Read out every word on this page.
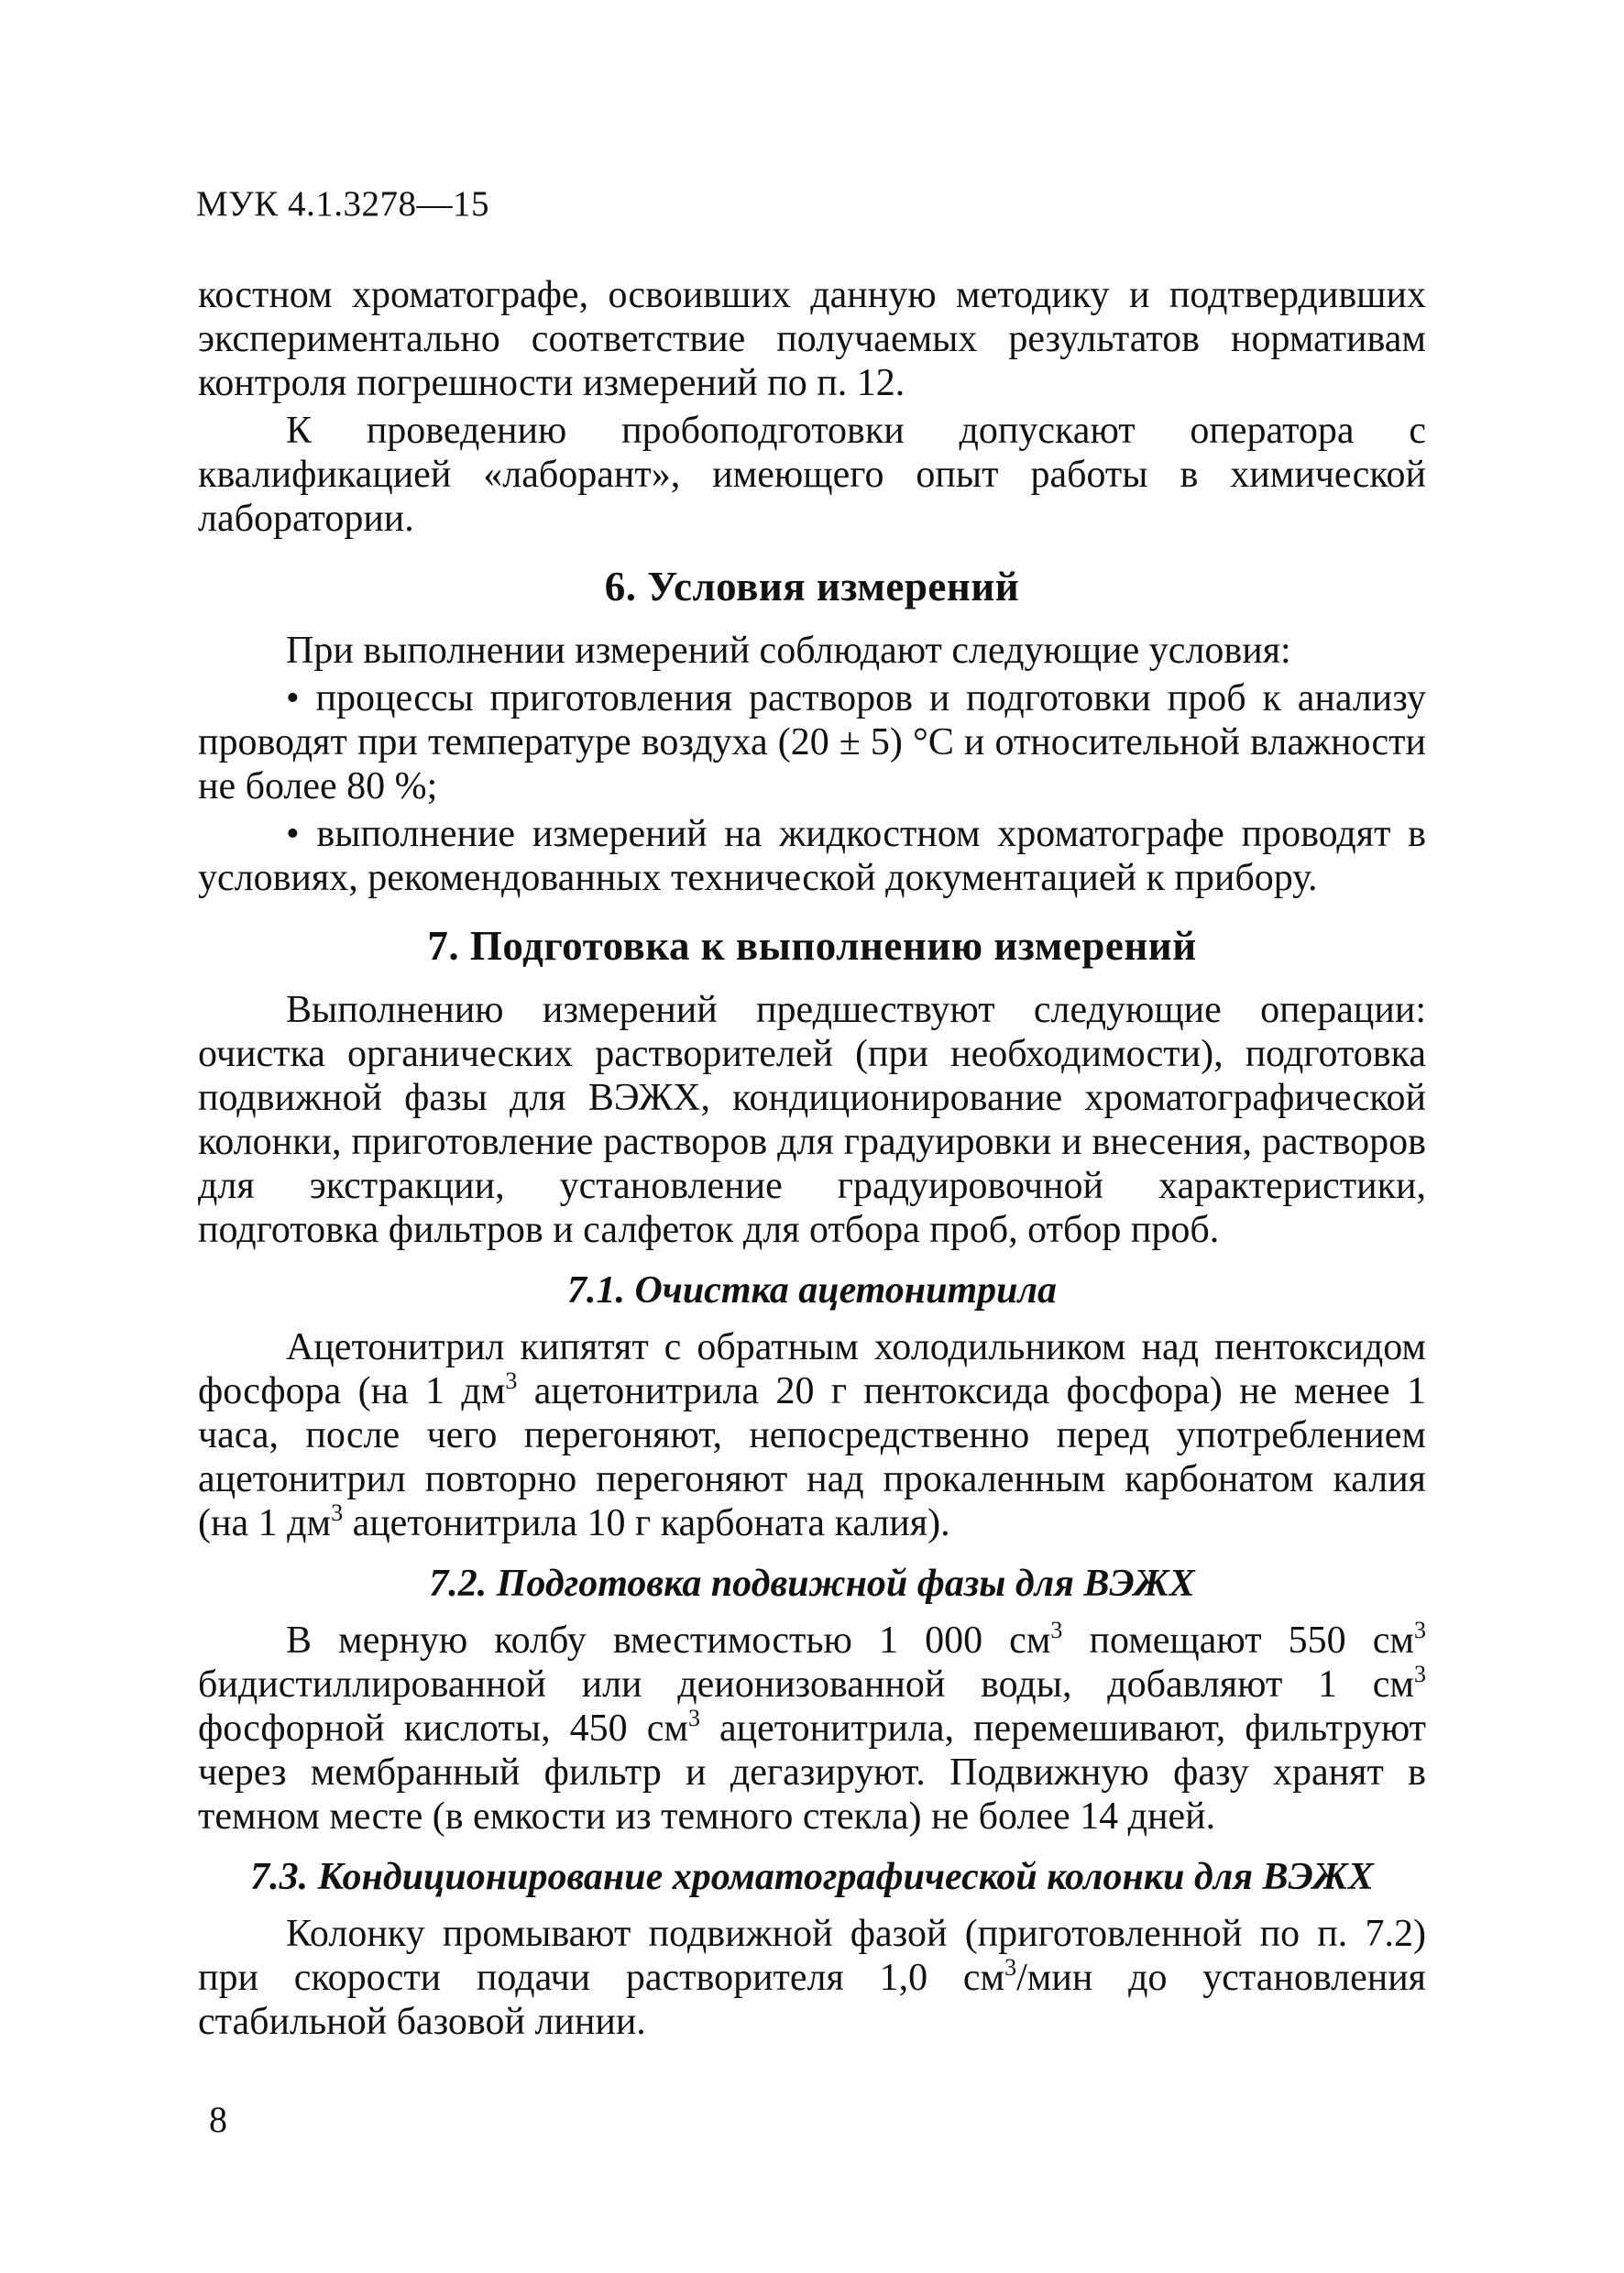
МУК 4.1.3278—15

костном хроматографе, освоивших данную методику и подтвердивших экспериментально соответствие получаемых результатов нормативам контроля погрешности измерений по п. 12.

К проведению пробоподготовки допускают оператора с квалификацией «лаборант», имеющего опыт работы в химической лаборатории.

6. Условия измерений

При выполнении измерений соблюдают следующие условия:

• процессы приготовления растворов и подготовки проб к анализу проводят при температуре воздуха (20 ± 5) °С и относительной влажности не более 80 %;

• выполнение измерений на жидкостном хроматографе проводят в условиях, рекомендованных технической документацией к прибору.

7. Подготовка к выполнению измерений

Выполнению измерений предшествуют следующие операции: очистка органических растворителей (при необходимости), подготовка подвижной фазы для ВЭЖХ, кондиционирование хроматографической колонки, приготовление растворов для градуировки и внесения, растворов для экстракции, установление градуировочной характеристики, подготовка фильтров и салфеток для отбора проб, отбор проб.

7.1. Очистка ацетонитрила

Ацетонитрил кипятят с обратным холодильником над пентоксидом фосфора (на 1 $дм^3$ ацетонитрила 20 г пентоксида фосфора) не менее 1 часа, после чего перегоняют, непосредственно перед употреблением ацетонитрил повторно перегоняют над прокаленным карбонатом калия (на 1 $дм^3$ ацетонитрила 10 г карбоната калия).

7.2. Подготовка подвижной фазы для ВЭЖХ

В мерную колбу вместимостью 1 000 $см^3$ помещают 550 $см^3$ бидистиллированной или деионизованной воды, добавляют 1 $см^3$ фосфорной кислоты, 450 $см^3$ ацетонитрила, перемешивают, фильтруют через мембранный фильтр и дегазируют. Подвижную фазу хранят в темном месте (в емкости из темного стекла) не более 14 дней.

7.3. Кондиционирование хроматографической колонки для ВЭЖХ

Колонку промывают подвижной фазой (приготовленной по п. 7.2) при скорости подачи растворителя 1,0 $см^3$/мин до установления стабильной базовой линии.

8
